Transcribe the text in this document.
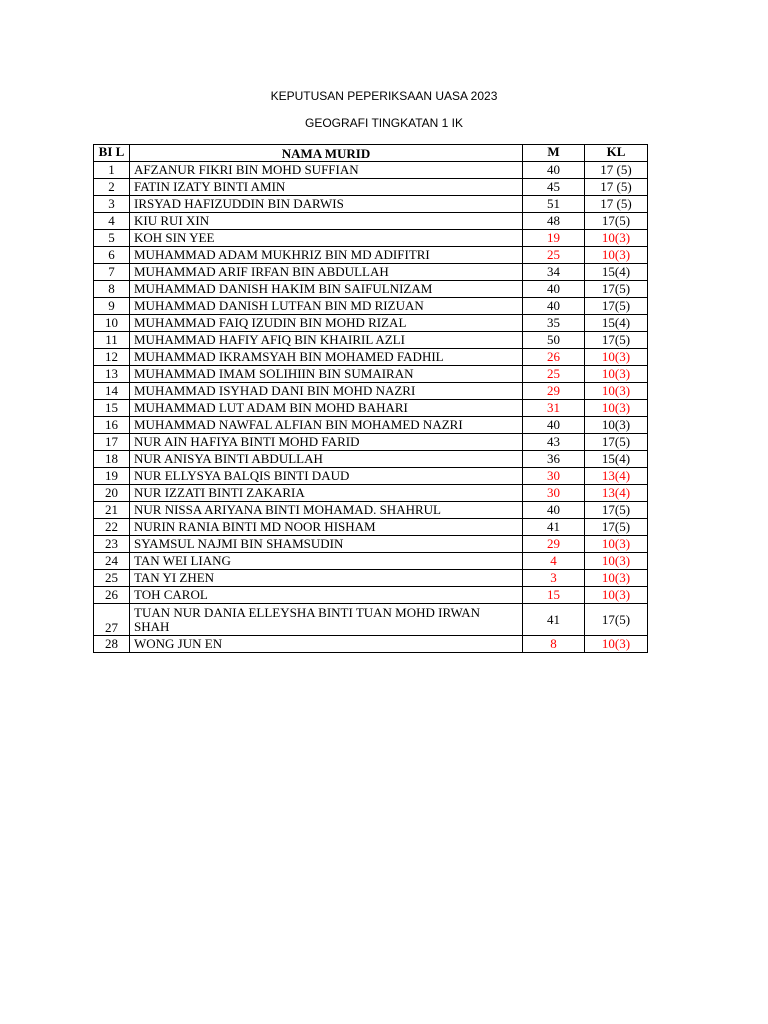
KEPUTUSAN PEPERIKSAAN UASA 2023
GEOGRAFI TINGKATAN 1 IK
BI L	NAMA MURID	M	KL
1	AFZANUR FIKRI BIN MOHD SUFFIAN	40	17 (5)
2	FATIN IZATY BINTI AMIN	45	17 (5)
3	IRSYAD HAFIZUDDIN BIN DARWIS	51	17 (5)
4	KIU RUI XIN	48	17(5)
5	KOH SIN YEE	19	10(3)
6	MUHAMMAD ADAM MUKHRIZ BIN MD ADIFITRI	25	10(3)
7	MUHAMMAD ARIF IRFAN BIN ABDULLAH	34	15(4)
8	MUHAMMAD DANISH HAKIM BIN SAIFULNIZAM	40	17(5)
9	MUHAMMAD DANISH LUTFAN BIN MD RIZUAN	40	17(5)
10	MUHAMMAD FAIQ IZUDIN BIN MOHD RIZAL	35	15(4)
11	MUHAMMAD HAFIY AFIQ BIN KHAIRIL AZLI	50	17(5)
12	MUHAMMAD IKRAMSYAH BIN MOHAMED FADHIL	26	10(3)
13	MUHAMMAD IMAM SOLIHIIN BIN SUMAIRAN	25	10(3)
14	MUHAMMAD ISYHAD DANI BIN MOHD NAZRI	29	10(3)
15	MUHAMMAD LUT ADAM BIN MOHD BAHARI	31	10(3)
16	MUHAMMAD NAWFAL ALFIAN BIN MOHAMED NAZRI	40	10(3)
17	NUR AIN HAFIYA BINTI MOHD FARID	43	17(5)
18	NUR ANISYA BINTI ABDULLAH	36	15(4)
19	NUR ELLYSYA BALQIS BINTI DAUD	30	13(4)
20	NUR IZZATI BINTI ZAKARIA	30	13(4)
21	NUR NISSA ARIYANA BINTI MOHAMAD. SHAHRUL	40	17(5)
22	NURIN RANIA BINTI MD NOOR HISHAM	41	17(5)
23	SYAMSUL NAJMI BIN SHAMSUDIN	29	10(3)
24	TAN WEI LIANG	4	10(3)
25	TAN YI ZHEN	3	10(3)
26	TOH CAROL	15	10(3)
27	TUAN NUR DANIA ELLEYSHA BINTI TUAN MOHD IRWAN SHAH	41	17(5)
28	WONG JUN EN	8	10(3)
